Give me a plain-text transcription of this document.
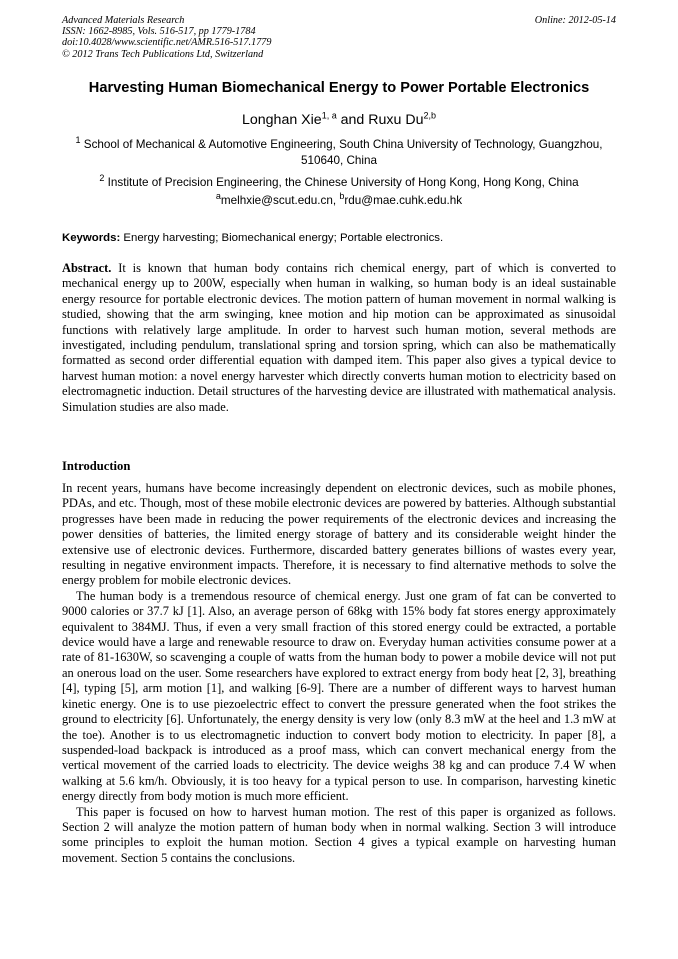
Advanced Materials Research
ISSN: 1662-8985, Vols. 516-517, pp 1779-1784
doi:10.4028/www.scientific.net/AMR.516-517.1779
© 2012 Trans Tech Publications Ltd, Switzerland
Online: 2012-05-14
Harvesting Human Biomechanical Energy to Power Portable Electronics
Longhan Xie$^{1, a}$ and Ruxu Du$^{2,b}$
$^1$ School of Mechanical & Automotive Engineering, South China University of Technology, Guangzhou, 510640, China
$^2$ Institute of Precision Engineering, the Chinese University of Hong Kong, Hong Kong, China
$^a$melhxie@scut.edu.cn, $^b$rdu@mae.cuhk.edu.hk
Keywords: Energy harvesting; Biomechanical energy; Portable electronics.
Abstract. It is known that human body contains rich chemical energy, part of which is converted to mechanical energy up to 200W, especially when human in walking, so human body is an ideal sustainable energy resource for portable electronic devices. The motion pattern of human movement in normal walking is studied, showing that the arm swinging, knee motion and hip motion can be approximated as sinusoidal functions with relatively large amplitude. In order to harvest such human motion, several methods are investigated, including pendulum, translational spring and torsion spring, which can also be mathematically formatted as second order differential equation with damped item. This paper also gives a typical device to harvest human motion: a novel energy harvester which directly converts human motion to electricity based on electromagnetic induction. Detail structures of the harvesting device are illustrated with mathematical analysis. Simulation studies are also made.
Introduction

In recent years, humans have become increasingly dependent on electronic devices, such as mobile phones, PDAs, and etc. Though, most of these mobile electronic devices are powered by batteries. Although substantial progresses have been made in reducing the power requirements of the electronic devices and increasing the power densities of batteries, the limited energy storage of battery and its considerable weight hinder the extensive use of electronic devices. Furthermore, discarded battery generates billions of wastes every year, resulting in negative environment impacts. Therefore, it is necessary to find alternative methods to solve the energy problem for mobile electronic devices.

The human body is a tremendous resource of chemical energy. Just one gram of fat can be converted to 9000 calories or 37.7 kJ [1]. Also, an average person of 68kg with 15% body fat stores energy approximately equivalent to 384MJ. Thus, if even a very small fraction of this stored energy could be extracted, a portable device would have a large and renewable resource to draw on. Everyday human activities consume power at a rate of 81-1630W, so scavenging a couple of watts from the human body to power a mobile device will not put an onerous load on the user. Some researchers have explored to extract energy from body heat [2, 3], breathing [4], typing [5], arm motion [1], and walking [6-9]. There are a number of different ways to harvest human kinetic energy. One is to use piezoelectric effect to convert the pressure generated when the foot strikes the ground to electricity [6]. Unfortunately, the energy density is very low (only 8.3 mW at the heel and 1.3 mW at the toe). Another is to us electromagnetic induction to convert body motion to electricity. In paper [8], a suspended-load backpack is introduced as a proof mass, which can convert mechanical energy from the vertical movement of the carried loads to electricity. The device weighs 38 kg and can produce 7.4 W when walking at 5.6 km/h. Obviously, it is too heavy for a typical person to use. In comparison, harvesting kinetic energy directly from body motion is much more efficient.

This paper is focused on how to harvest human motion. The rest of this paper is organized as follows. Section 2 will analyze the motion pattern of human body when in normal walking. Section 3 will introduce some principles to exploit the human motion. Section 4 gives a typical example on harvesting human movement. Section 5 contains the conclusions.
